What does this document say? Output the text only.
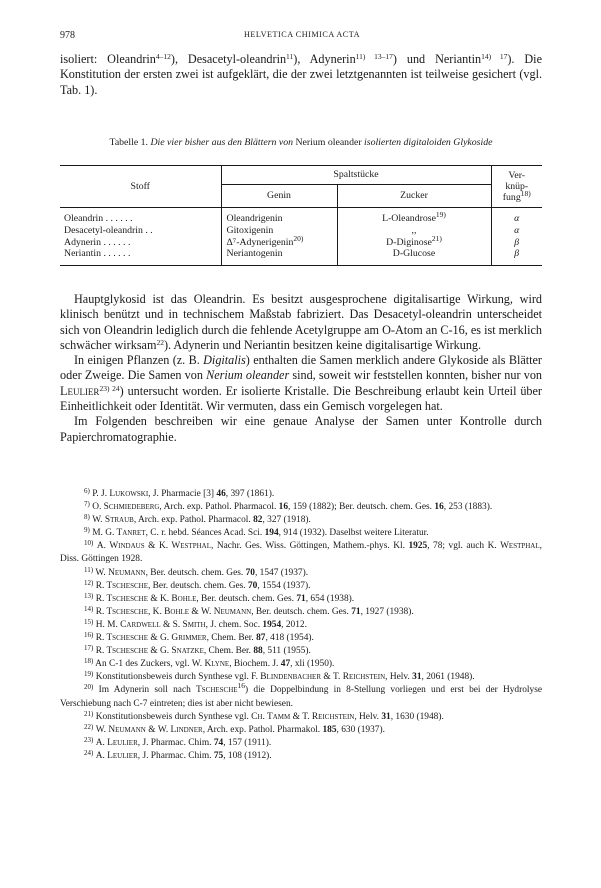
978	HELVETICA CHIMICA ACTA

isoliert: Oleandrin$^{4-12}$), Desacetyl-oleandrin$^{11}$), Adynerin$^{11) 13-17}$) und Neriantin$^{14) 17}$). Die Konstitution der ersten zwei ist aufgeklärt, die der zwei letztgenannten ist teilweise gesichert (vgl. Tab. 1).

Tabelle 1. Die vier bisher aus den Blättern von Nerium oleander isolierten digitaloiden Glykoside
Stoff	Spaltstücke		Ver-knüp-fung$^{18)}$

	Genin	Zucker	
Oleandrin . . . . . .	Oleandrigenin	L-Oleandrose$^{19)}$	α
Desacetyl-oleandrin . .	Gitoxigenin	,,	α
Adynerin . . . . . .	Δ⁷-Adynerigenin$^{20)}$	D-Diginose$^{21)}$	β
Neriantin . . . . . .	Neriantogenin	D-Glucose	β

Hauptglykosid ist das Oleandrin. Es besitzt ausgesprochene digitalisartige Wirkung, wird klinisch benützt und in technischem Maßstab fabriziert. Das Desacetyl-oleandrin unterscheidet sich von Oleandrin lediglich durch die fehlende Acetylgruppe am O-Atom an C-16, es ist merklich schwächer wirksam$^{22}$). Adynerin und Neriantin besitzen keine digitalisartige Wirkung.

In einigen Pflanzen (z. B. Digitalis) enthalten die Samen merklich andere Glykoside als Blätter oder Zweige. Die Samen von Nerium oleander sind, soweit wir feststellen konnten, bisher nur von Leulier$^{23) 24}$) untersucht worden. Er isolierte Kristalle. Die Beschreibung erlaubt kein Urteil über Einheitlichkeit oder Identität. Wir vermuten, dass ein Gemisch vorgelegen hat.

Im Folgenden beschreiben wir eine genaue Analyse der Samen unter Kontrolle durch Papierchromatographie.

$^{6)}$ P. J. Lukowski, J. Pharmacie [3] 46, 397 (1861).

$^{7)}$ O. Schmiedeberg, Arch. exp. Pathol. Pharmacol. 16, 159 (1882); Ber. deutsch. chem. Ges. 16, 253 (1883).

$^{8)}$ W. Straub, Arch. exp. Pathol. Pharmacol. 82, 327 (1918).

$^{9)}$ M. G. Tanret, C. r. hebd. Séances Acad. Sci. 194, 914 (1932). Daselbst weitere Literatur.

$^{10)}$ A. Windaus & K. Westphal, Nachr. Ges. Wiss. Göttingen, Mathem.-phys. Kl. 1925, 78; vgl. auch K. Westphal, Diss. Göttingen 1928.

$^{11)}$ W. Neumann, Ber. deutsch. chem. Ges. 70, 1547 (1937).

$^{12)}$ R. Tschesche, Ber. deutsch. chem. Ges. 70, 1554 (1937).

$^{13)}$ R. Tschesche & K. Bohle, Ber. deutsch. chem. Ges. 71, 654 (1938).

$^{14)}$ R. Tschesche, K. Bohle & W. Neumann, Ber. deutsch. chem. Ges. 71, 1927 (1938).

$^{15)}$ H. M. Cardwell & S. Smith, J. chem. Soc. 1954, 2012.

$^{16)}$ R. Tschesche & G. Grimmer, Chem. Ber. 87, 418 (1954).

$^{17)}$ R. Tschesche & G. Snatzke, Chem. Ber. 88, 511 (1955).

$^{18)}$ An C-1 des Zuckers, vgl. W. Klyne, Biochem. J. 47, xli (1950).

$^{19)}$ Konstitutionsbeweis durch Synthese vgl. F. Blindenbacher & T. Reichstein, Helv. 31, 2061 (1948).

$^{20)}$ Im Adynerin soll nach Tschesche$^{16}$) die Doppelbindung in 8-Stellung vorliegen und erst bei der Hydrolyse Verschiebung nach C-7 eintreten; dies ist aber nicht bewiesen.

$^{21)}$ Konstitutionsbeweis durch Synthese vgl. Ch. Tamm & T. Reichstein, Helv. 31, 1630 (1948).

$^{22)}$ W. Neumann & W. Lindner, Arch. exp. Pathol. Pharmakol. 185, 630 (1937).

$^{23)}$ A. Leulier, J. Pharmac. Chim. 74, 157 (1911).

$^{24)}$ A. Leulier, J. Pharmac. Chim. 75, 108 (1912).
